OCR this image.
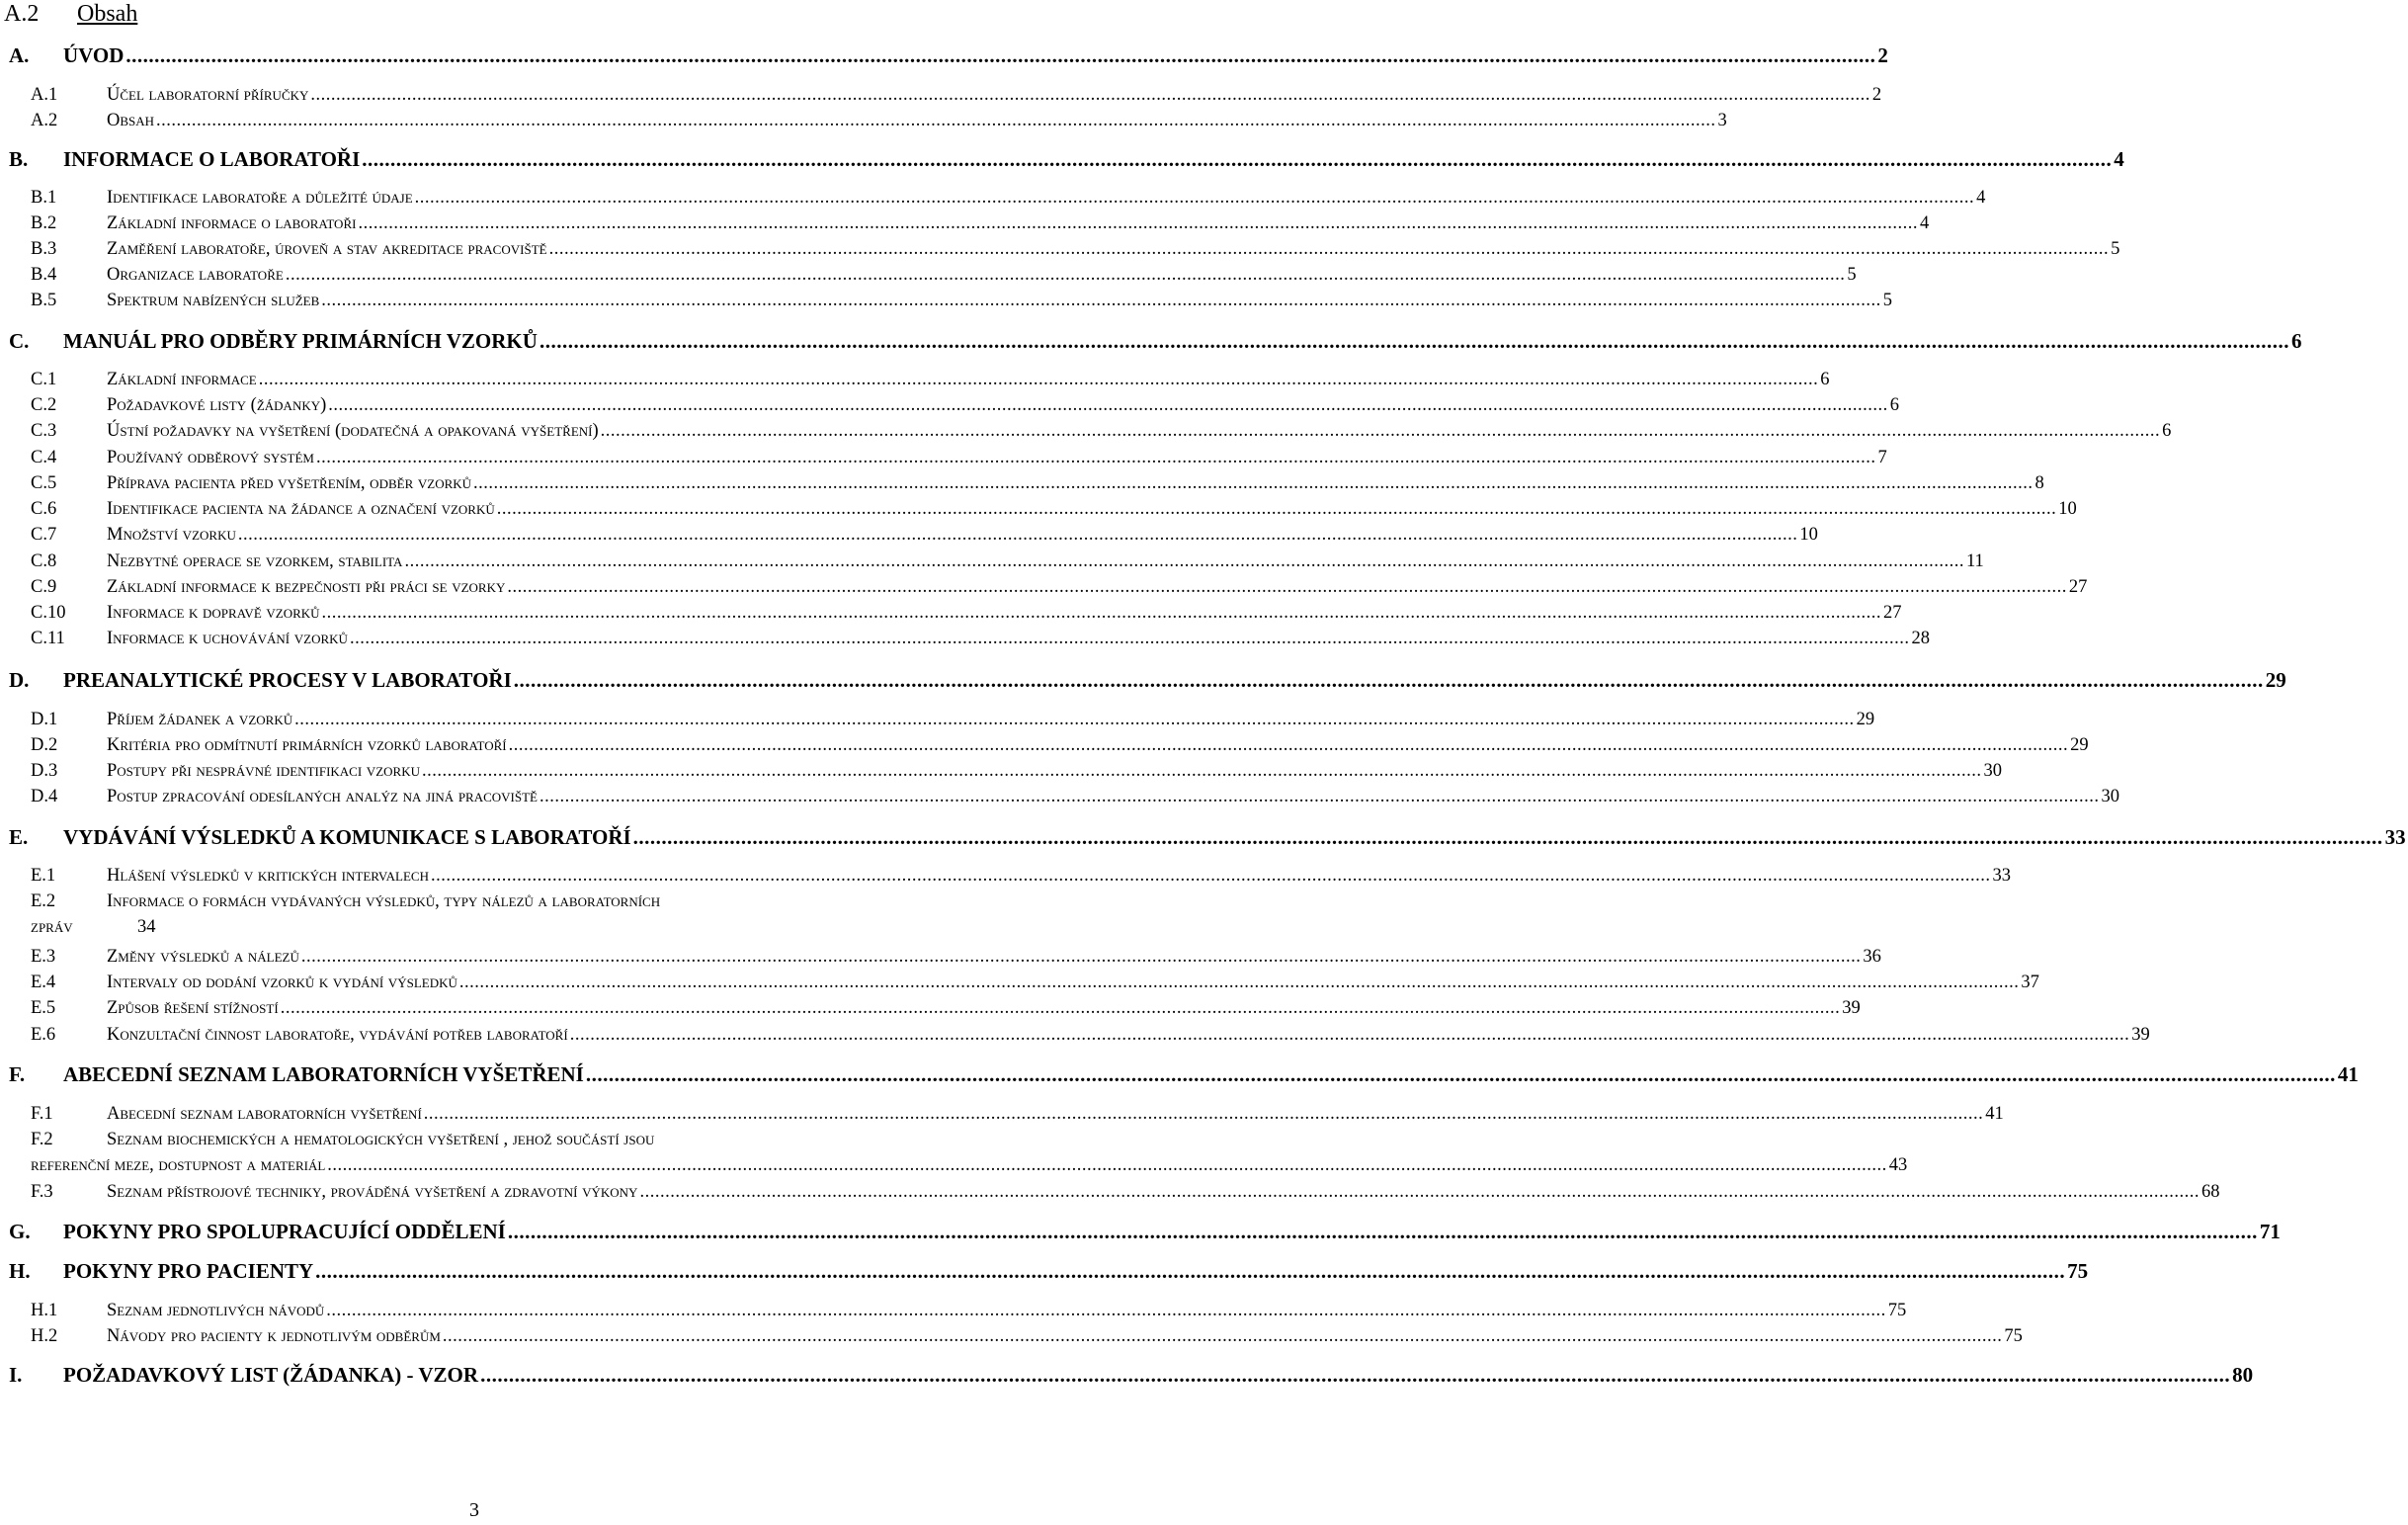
A.2 Obsah
A.	ÚVOD .....	2
A.1	Účel laboratorní příručky .....	2
A.2	Obsah .....	3
B.	INFORMACE O LABORATOŘI .....	4
B.1	Identifikace laboratoře a důležité údaje .....	4
B.2	Základní informace o laboratoři .....	4
B.3	Zaměření laboratoře, úroveň a stav akreditace pracoviště .....	5
B.4	Organizace laboratoře .....	5
B.5	Spektrum nabízených služeb .....	5
C.	MANUÁL PRO ODBĚRY PRIMÁRNÍCH VZORKŮ .....	6
C.1	Základní informace .....	6
C.2	Požadavkové listy (žádanky) .....	6
C.3	Ústní požadavky na vyšetření (dodatečná a opakovaná vyšetření) .....	6
C.4	Používaný odběrový systém .....	7
C.5	Příprava pacienta před vyšetřením, odběr vzorků .....	8
C.6	Identifikace pacienta na žádance a označení vzorků .....	10
C.7	Množství vzorku .....	10
C.8	Nezbytné operace se vzorkem, stabilita .....	11
C.9	Základní informace k bezpečnosti při práci se vzorky .....	27
C.10	Informace k dopravě vzorků .....	27
C.11	Informace k uchovávání vzorků .....	28
D.	PREANALYTICKÉ PROCESY V LABORATOŘI .....	29
D.1	Příjem žádanek a vzorků .....	29
D.2	Kritéria pro odmítnutí primárních vzorků laboratoří .....	29
D.3	Postupy při nesprávné identifikaci vzorku .....	30
D.4	Postup zpracování odesílaných analýz na jiná pracoviště .....	30
E.	VYDÁVÁNÍ VÝSLEDKŮ A KOMUNIKACE S LABORATOŘÍ .....	33
E.1	Hlášení výsledků v kritických intervalech .....	33
E.2	Informace o formách vydávaných výsledků, typy nálezů a laboratorních
zpráv	34
E.3	Změny výsledků a nálezů .....	36
E.4	Intervaly od dodání vzorků k vydání výsledků .....	37
E.5	Způsob řešení stížností .....	39
E.6	Konzultační činnost laboratoře, vydávání potřeb laboratoří .....	39
F.	ABECEDNÍ SEZNAM LABORATORNÍCH VYŠETŘENÍ .....	41
F.1	Abecední seznam laboratorních vyšetření .....	41
F.2	Seznam biochemických a hematologických vyšetření , jehož součástí jsou
referenční meze, dostupnost a materiál .....	43
F.3	Seznam přístrojové techniky, prováděná vyšetření a zdravotní výkony .....	68
G.	POKYNY PRO SPOLUPRACUJÍCÍ ODDĚLENÍ .....	71
H.	POKYNY PRO PACIENTY .....	75
H.1	Seznam jednotlivých návodů .....	75
H.2	Návody pro pacienty k jednotlivým odběrům .....	75
I.	POŽADAVKOVÝ LIST (ŽÁDANKA) - VZOR .....	80
3
